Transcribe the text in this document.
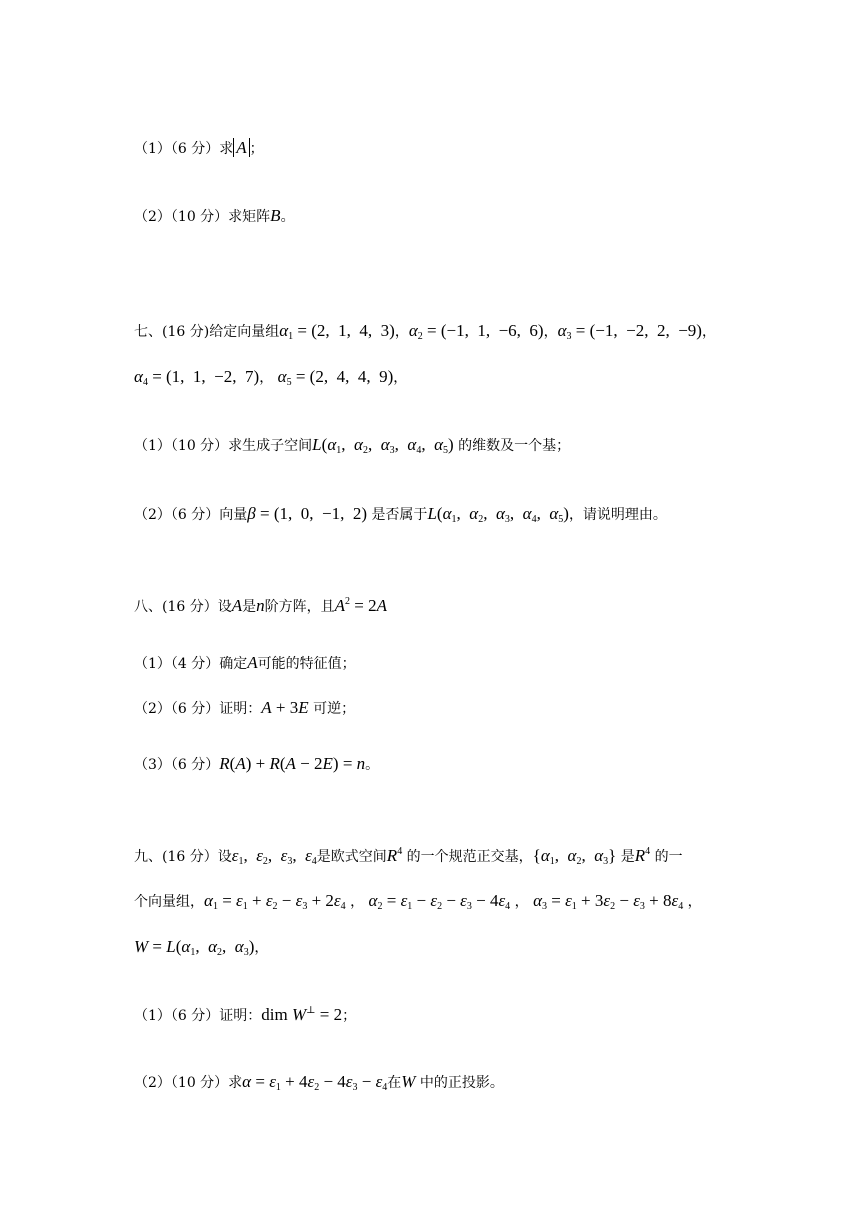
（1）（6 分）求 A ；
（2）（10 分）求矩阵B。
七、(16 分)给定向量组$\alpha_1 = (2$,  1,  4,  3)，$\alpha_2 = (-1$,  1,  −6,  6)，$\alpha_3 = (-1$,  −2,  2,  −9)，
$\alpha_4 = (1$,  1,  −2,  7)， $\alpha_5 = (2$,  4,  4,  9)，
（1）（10 分）求生成子空间$L(\alpha_1$,  $\alpha_2$,  $\alpha_3$,  $\alpha_4$,  $\alpha_5$) 的维数及一个基；
（2）（6 分）向量β = (1,  0,  −1,  2) 是否属于$L(\alpha_1$,  $\alpha_2$,  $\alpha_3$,  $\alpha_4$,  $\alpha_5$)，请说明理由。
八、(16 分）设A是n阶方阵，且$A^2 = 2A$
（1）（4 分）确定A可能的特征值；
（2）（6 分）证明：A + 3E 可逆；
（3）（6 分）R(A) + R(A − 2E) = n。
九、(16 分）设$\varepsilon_1$,  $\varepsilon_2$,  $\varepsilon_3$,  $\varepsilon_4$是欧式空间$R^4$ 的一个规范正交基，{$\alpha_1$,  $\alpha_2$,  $\alpha_3$} 是$R^4$ 的一
个向量组，$\alpha_1 = \varepsilon_1 + \varepsilon_2 - \varepsilon_3 + 2\varepsilon_4$ ， $\alpha_2 = \varepsilon_1 - \varepsilon_2 - \varepsilon_3 - 4\varepsilon_4$ ， $\alpha_3 = \varepsilon_1 + 3\varepsilon_2 - \varepsilon_3 + 8\varepsilon_4$ ，
$W = L(\alpha_1$,  $\alpha_2$,  $\alpha_3$)，
（1）（6 分）证明：dim W⊥ = 2；
（2）（10 分）求$\alpha = \varepsilon_1 + 4\varepsilon_2 - 4\varepsilon_3 - \varepsilon_4$在W 中的正投影。
